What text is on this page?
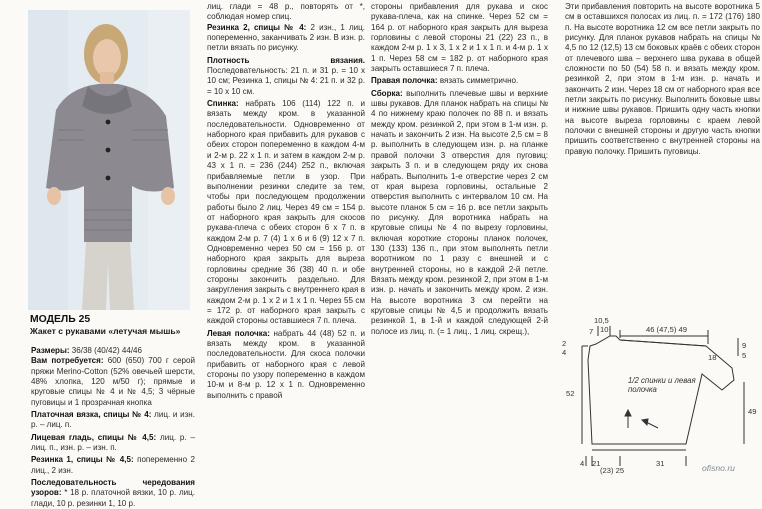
МОДЕЛЬ 25
Жакет с рукавами «летучая мышь»

Размеры: 36/38 (40/42) 44/46

Вам потребуется: 600 (650) 700 г серой пряжи Merino-Cotton (52% овечьей шерсти, 48% хлопка, 120 м/50 г); прямые и круговые спицы № 4 и № 4,5; 3 чёрные пуговицы и 1 прозрачная кнопка

Платочная вязка, спицы № 4: лиц. и изн. р. – лиц. п.

Лицевая гладь, спицы № 4,5: лиц. р. – лиц. п., изн. р. – изн. п.

Резинка 1, спицы № 4,5: попеременно 2 лиц., 2 изн.

Последовательность чередования узоров: * 18 р. платочной вязки, 10 р. лиц. глади, 10 р. резинки 1, 10 р.

лиц. глади = 48 р., повторять от *, соблюдая номер спиц.

Резинка 2, спицы № 4: 2 изн., 1 лиц. попеременно, заканчивать 2 изн. В изн. р. петли вязать по рисунку.

Плотность вязания. Последовательность: 21 п. и 31 р. = 10 x 10 см; Резинка 1, спицы № 4: 21 п. и 32 р. = 10 x 10 см.

Спинка: набрать 106 (114) 122 п. и вязать между кром. в указанной последовательности. Одновременно от наборного края прибавить для рукавов с обеих сторон попеременно в каждом 4-м и 2-м р. 22 x 1 п. и затем в каждом 2-м р. 43 x 1 п. = 236 (244) 252 п., включая прибавляемые петли в узор. При выполнении резинки следите за тем, чтобы при последующем продолжении работы было 2 лиц. Через 49 см = 154 р. от наборного края закрыть для скосов рукава-плеча с обеих сторон 6 x 7 п. в каждом 2-м р. 7 (4) 1 x 6 и 6 (9) 12 x 7 п. Одновременно через 50 см = 156 р. от наборного края закрыть для выреза горловины средние 36 (38) 40 п. и обе стороны закончить раздельно. Для закругления закрыть с внутреннего края в каждом 2-м р. 1 x 2 и 1 x 1 п. Через 55 см = 172 р. от наборного края закрыть с каждой стороны оставшиеся 7 п. плеча.

Левая полочка: набрать 44 (48) 52 п. и вязать между кром. в указанной последовательности. Для скоса полочки прибавить от наборного края с левой стороны по узору попеременно в каждом 10-м и 8-м р. 12 x 1 п. Одновременно выполнить с правой

стороны прибавления для рукава и скос рукава-плеча, как на спинке. Через 52 см = 164 р. от наборного края закрыть для выреза горловины с левой стороны 21 (22) 23 п., в каждом 2-м р. 1 x 3, 1 x 2 и 1 x 1 п. и 4-м р. 1 x 1 п. Через 58 см = 182 р. от наборного края закрыть оставшиеся 7 п. плеча.

Правая полочка: вязать симметрично.

Сборка: выполнить плечевые швы и верхние швы рукавов. Для планок набрать на спицы № 4 по нижнему краю полочек по 88 п. и вязать между кром. резинкой 2, при этом в 1-м изн. р. начать и закончить 2 изн. На высоте 2,5 см = 8 р. выполнить в следующем изн. р. на планке правой полочки 3 отверстия для пуговиц: закрыть 3 п. и в следующем ряду их снова набрать. Выполнить 1-е отверстие через 2 см от края выреза горловины, остальные 2 отверстия выполнить с интервалом 10 см. На высоте планок 5 см = 16 р. все петли закрыть по рисунку. Для воротника набрать на круговые спицы № 4 по вырезу горловины, включая короткие стороны планок полочек, 130 (133) 136 п., при этом выполнять петли воротником по 1 разу с внешней и с внутренней стороны, но в каждой 2-й петле. Вязать между кром. резинкой 2, при этом в 1-м изн. р. начать и закончить между кром. 2 изн. На высоте воротника 3 см перейти на круговые спицы № 4,5 и продолжить вязать резинкой 1, в 1-й и каждой следующей 2-й полосе из лиц. п. (= 1 лиц., 1 лиц. скрещ.),

Эти прибавления повторить на высоте воротника 5 см в оставшихся полосах из лиц. п. = 172 (176) 180 п. На высоте воротника 12 см все петли закрыть по рисунку. Для планок рукавов набрать на спицы № 4,5 по 12 (12,5) 13 см боковых краёв с обеих сторон от плечевого шва – верхнего шва рукава в общей сложности по 50 (54) 58 п. и вязать между кром. резинкой 2, при этом в 1-м изн. р. начать и закончить 2 изн. Через 18 см от наборного края все петли закрыть по рисунку. Выполнить боковые швы и нижние швы рукавов. Пришить одну часть кнопки на высоте выреза горловины с краем левой полочки с внешней стороны и другую часть кнопки пришить соответственно с внутренней стороны на правую полочку. Пришить пуговицы.

10,5
10
7	46 (47,5) 49
2
4
9
5
18
52
49
21
(23) 25
31
4
1/2 спинки и левая полочка
ofisno.ru
